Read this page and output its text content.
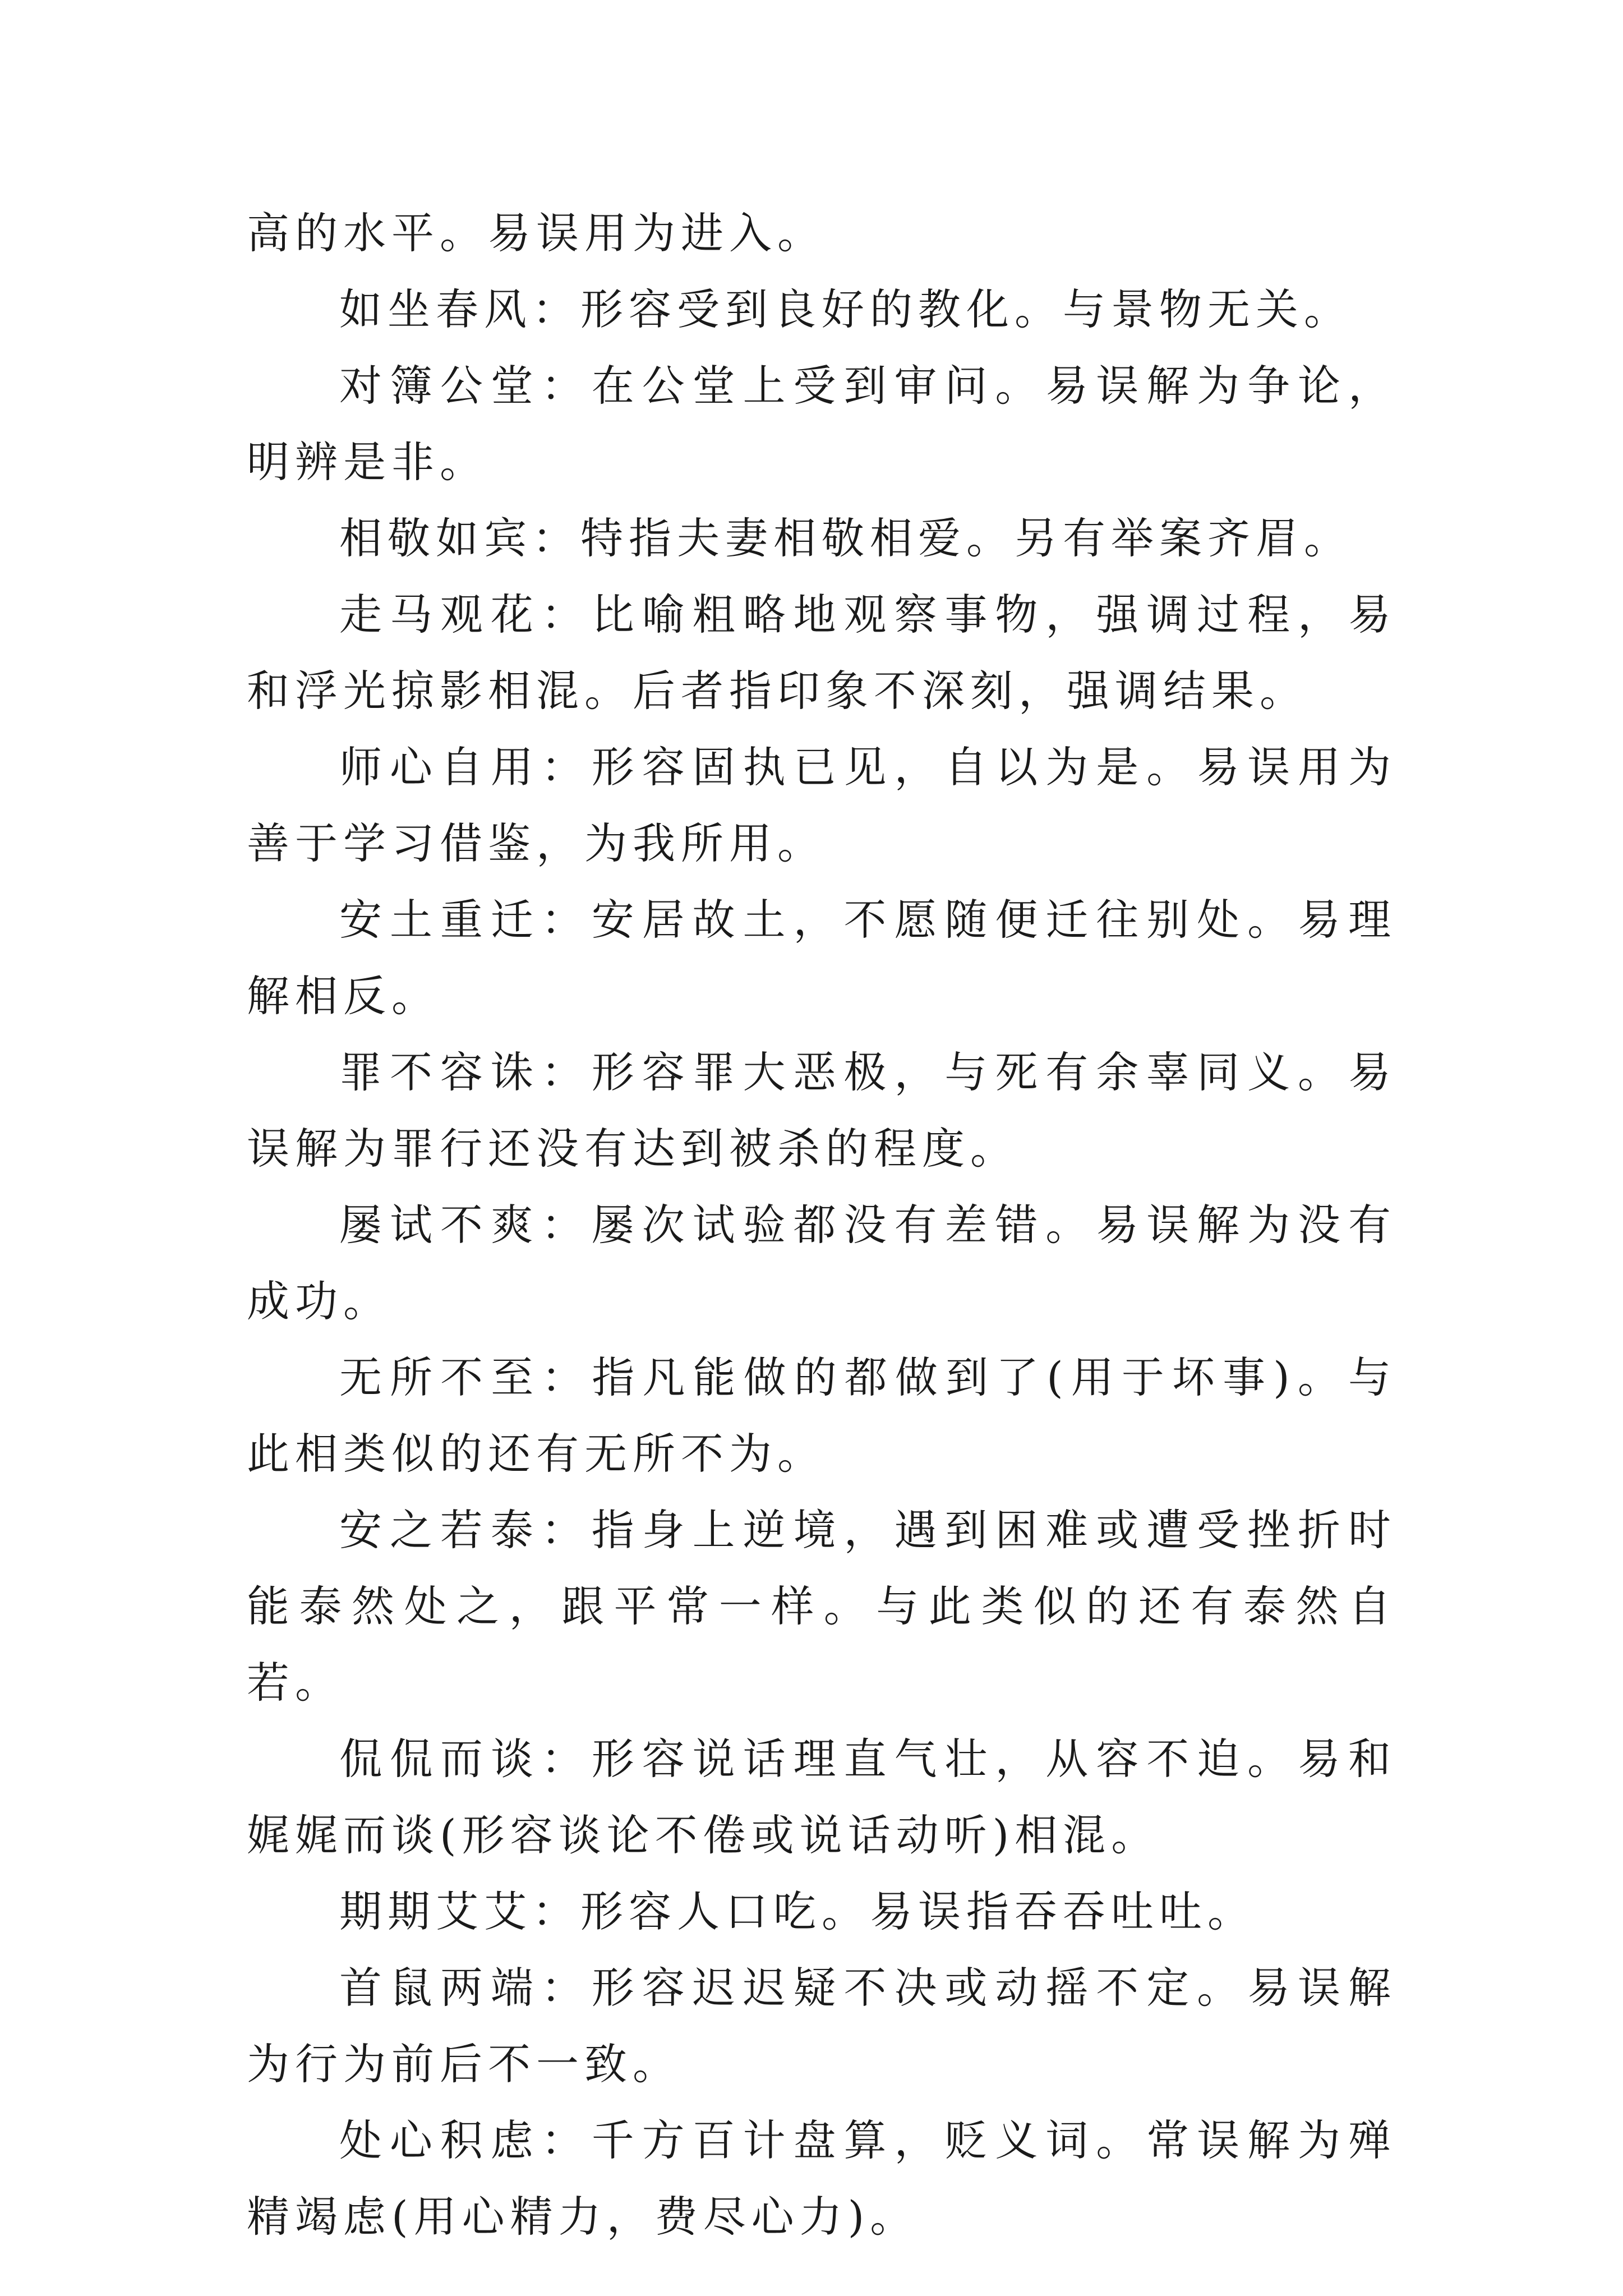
高的水平。易误用为进入。

如坐春风：形容受到良好的教化。与景物无关。

对簿公堂：在公堂上受到审问。易误解为争论，明辨是非。

相敬如宾：特指夫妻相敬相爱。另有举案齐眉。

走马观花：比喻粗略地观察事物，强调过程，易和浮光掠影相混。后者指印象不深刻，强调结果。

师心自用：形容固执已见，自以为是。易误用为善于学习借鉴，为我所用。

安土重迁：安居故土，不愿随便迁往别处。易理解相反。

罪不容诛：形容罪大恶极，与死有余辜同义。易误解为罪行还没有达到被杀的程度。

屡试不爽：屡次试验都没有差错。易误解为没有成功。

无所不至：指凡能做的都做到了(用于坏事)。与此相类似的还有无所不为。

安之若泰：指身上逆境，遇到困难或遭受挫折时能泰然处之，跟平常一样。与此类似的还有泰然自若。

侃侃而谈：形容说话理直气壮，从容不迫。易和娓娓而谈(形容谈论不倦或说话动听)相混。

期期艾艾：形容人口吃。易误指吞吞吐吐。

首鼠两端：形容迟迟疑不决或动摇不定。易误解为行为前后不一致。

处心积虑：千方百计盘算，贬义词。常误解为殚精竭虑(用心精力，费尽心力)。
